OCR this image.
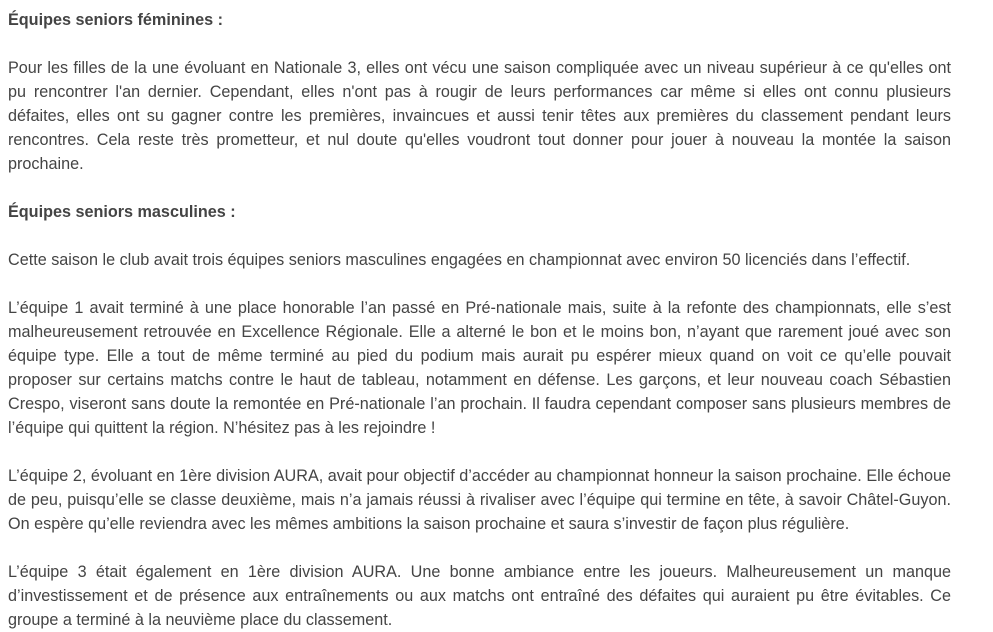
Équipes seniors féminines :

Pour les filles de la une évoluant en Nationale 3, elles ont vécu une saison compliquée avec un niveau supérieur à ce qu'elles ont pu rencontrer l'an dernier. Cependant, elles n'ont pas à rougir de leurs performances car même si elles ont connu plusieurs défaites, elles ont su gagner contre les premières, invaincues et aussi tenir têtes aux premières du classement pendant leurs rencontres. Cela reste très prometteur, et nul doute qu'elles voudront tout donner pour jouer à nouveau la montée la saison prochaine.

Équipes seniors masculines :

Cette saison le club avait trois équipes seniors masculines engagées en championnat avec environ 50 licenciés dans l’effectif.

L’équipe 1 avait terminé à une place honorable l’an passé en Pré-nationale mais, suite à la refonte des championnats, elle s’est malheureusement retrouvée en Excellence Régionale. Elle a alterné le bon et le moins bon, n’ayant que rarement joué avec son équipe type. Elle a tout de même terminé au pied du podium mais aurait pu espérer mieux quand on voit ce qu’elle pouvait proposer sur certains matchs contre le haut de tableau, notamment en défense. Les garçons, et leur nouveau coach Sébastien Crespo, viseront sans doute la remontée en Pré-nationale l’an prochain. Il faudra cependant composer sans plusieurs membres de l’équipe qui quittent la région. N’hésitez pas à les rejoindre !

L’équipe 2, évoluant en 1ère division AURA, avait pour objectif d’accéder au championnat honneur la saison prochaine. Elle échoue de peu, puisqu’elle se classe deuxième, mais n’a jamais réussi à rivaliser avec l’équipe qui termine en tête, à savoir Châtel-Guyon. On espère qu’elle reviendra avec les mêmes ambitions la saison prochaine et saura s’investir de façon plus régulière.

L’équipe 3 était également en 1ère division AURA. Une bonne ambiance entre les joueurs. Malheureusement un manque d’investissement et de présence aux entraînements ou aux matchs ont entraîné des défaites qui auraient pu être évitables. Ce groupe a terminé à la neuvième place du classement.
